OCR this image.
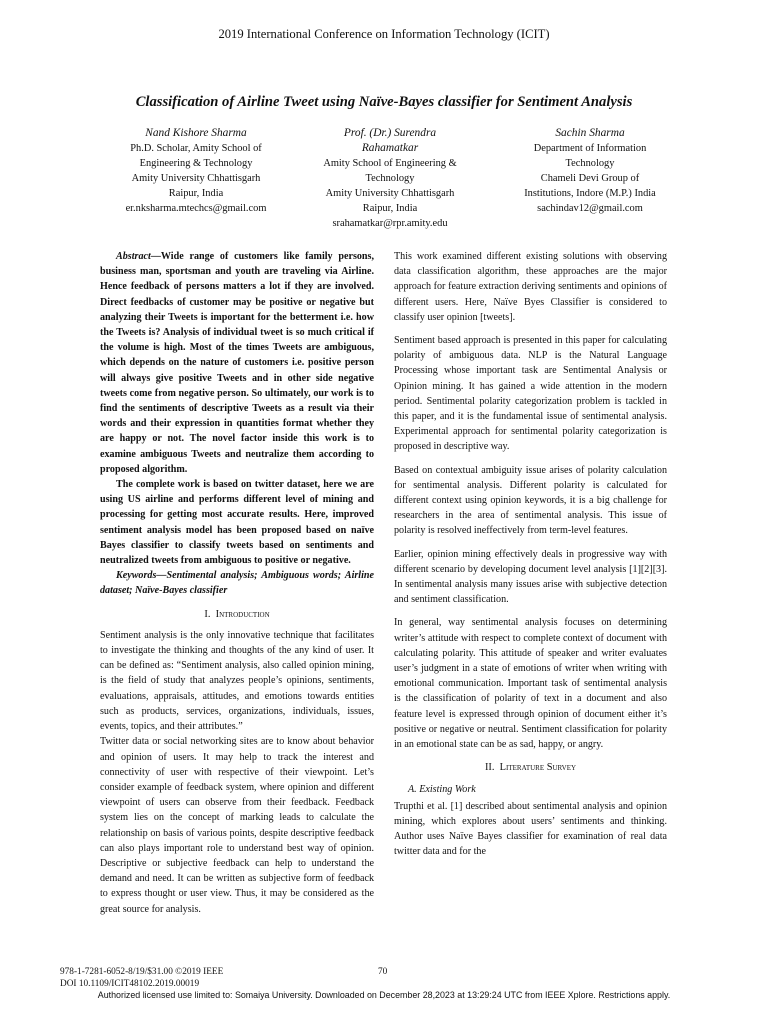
2019 International Conference on Information Technology (ICIT)
Classification of Airline Tweet using Naïve-Bayes classifier for Sentiment Analysis
Nand Kishore Sharma
Ph.D. Scholar, Amity School of
Engineering & Technology
Amity University Chhattisgarh
Raipur, India
er.nksharma.mtechcs@gmail.com
Prof. (Dr.) Surendra
Rahamatkar
Amity School of Engineering &
Technology
Amity University Chhattisgarh
Raipur, India
srahamatkar@rpr.amity.edu
Sachin Sharma
Department of Information
Technology
Chameli Devi Group of
Institutions, Indore (M.P.) India
sachindav12@gmail.com

Abstract—Wide range of customers like family persons, business man, sportsman and youth are traveling via Airline. Hence feedback of persons matters a lot if they are involved. Direct feedbacks of customer may be positive or negative but analyzing their Tweets is important for the betterment i.e. how the Tweets is? Analysis of individual tweet is so much critical if the volume is high. Most of the times Tweets are ambiguous, which depends on the nature of customers i.e. positive person will always give positive Tweets and in other side negative tweets come from negative person. So ultimately, our work is to find the sentiments of descriptive Tweets as a result via their words and their expression in quantities format whether they are happy or not. The novel factor inside this work is to examine ambiguous Tweets and neutralize them according to proposed algorithm.

The complete work is based on twitter dataset, here we are using US airline and performs different level of mining and processing for getting most accurate results. Here, improved sentiment analysis model has been proposed based on naïve Bayes classifier to classify tweets based on sentiments and neutralized tweets from ambiguous to positive or negative.

Keywords—Sentimental analysis; Ambiguous words; Airline dataset; Naïve-Bayes classifier

I. Introduction

Sentiment analysis is the only innovative technique that facilitates to investigate the thinking and thoughts of the any kind of user. It can be defined as: “Sentiment analysis, also called opinion mining, is the field of study that analyzes people’s opinions, sentiments, evaluations, appraisals, attitudes, and emotions towards entities such as products, services, organizations, individuals, issues, events, topics, and their attributes.”

Twitter data or social networking sites are to know about behavior and opinion of users. It may help to track the interest and connectivity of user with respective of their viewpoint. Let’s consider example of feedback system, where opinion and different viewpoint of users can observe from their feedback. Feedback system lies on the concept of marking leads to calculate the relationship on basis of various points, despite descriptive feedback can also plays important role to understand best way of opinion. Descriptive or subjective feedback can help to understand the demand and need. It can be written as subjective form of feedback to express thought or user view. Thus, it may be considered as the great source for analysis.

This work examined different existing solutions with observing data classification algorithm, these approaches are the major approach for feature extraction deriving sentiments and opinions of different users. Here, Naïve Byes Classifier is considered to classify user opinion [tweets].

Sentiment based approach is presented in this paper for calculating polarity of ambiguous data. NLP is the Natural Language Processing whose important task are Sentimental Analysis or Opinion mining. It has gained a wide attention in the modern period. Sentimental polarity categorization problem is tackled in this paper, and it is the fundamental issue of sentimental analysis. Experimental approach for sentimental polarity categorization is proposed in descriptive way.

Based on contextual ambiguity issue arises of polarity calculation for sentimental analysis. Different polarity is calculated for different context using opinion keywords, it is a big challenge for researchers in the area of sentimental analysis. This issue of polarity is resolved ineffectively from term-level features.

Earlier, opinion mining effectively deals in progressive way with different scenario by developing document level analysis [1][2][3]. In sentimental analysis many issues arise with subjective detection and sentiment classification.

In general, way sentimental analysis focuses on determining writer’s attitude with respect to complete context of document with calculating polarity. This attitude of speaker and writer evaluates user’s judgment in a state of emotions of writer when writing with emotional communication. Important task of sentimental analysis is the classification of polarity of text in a document and also feature level is expressed through opinion of document either it’s positive or negative or neutral. Sentiment classification for polarity in an emotional state can be as sad, happy, or angry.

II. Literature Survey
A. Existing Work

Trupthi et al. [1] described about sentimental analysis and opinion mining, which explores about users’ sentiments and thinking. Author uses Naïve Bayes classifier for examination of real data twitter data and for the

978-1-7281-6052-8/19/$31.00 ©2019 IEEE
DOI 10.1109/ICIT48102.2019.00019
70
Authorized licensed use limited to: Somaiya University. Downloaded on December 28,2023 at 13:29:24 UTC from IEEE Xplore. Restrictions apply.
